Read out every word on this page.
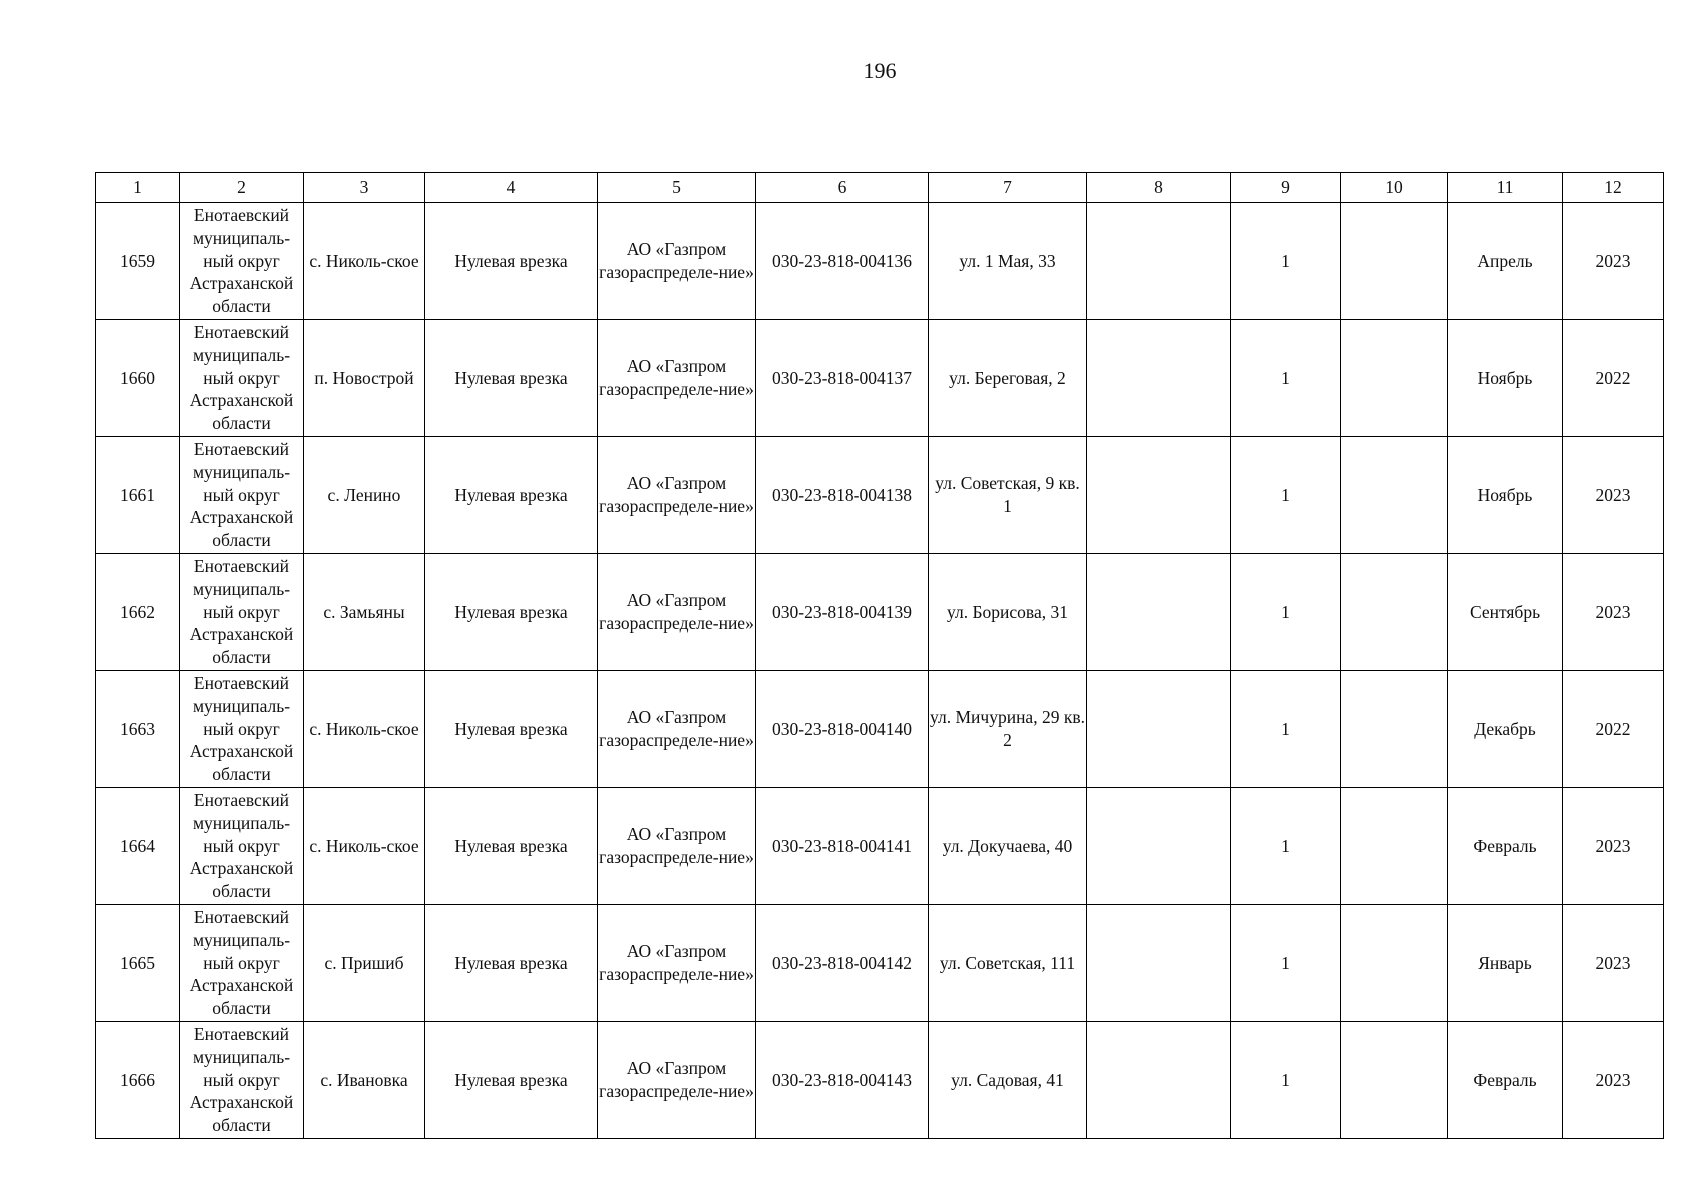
196
1	2	3	4	5	6	7	8	9	10	11	12
1659	Енотаевский муниципаль-ный округ Астраханской области	с. Николь-ское	Нулевая врезка	АО «Газпром газораспределе-ние»	030-23-818-004136	ул. 1 Мая, 33		1		Апрель	2023
1660	Енотаевский муниципаль-ный округ Астраханской области	п. Новострой	Нулевая врезка	АО «Газпром газораспределе-ние»	030-23-818-004137	ул. Береговая, 2		1		Ноябрь	2022
1661	Енотаевский муниципаль-ный округ Астраханской области	с. Ленино	Нулевая врезка	АО «Газпром газораспределе-ние»	030-23-818-004138	ул. Советская, 9 кв. 1		1		Ноябрь	2023
1662	Енотаевский муниципаль-ный округ Астраханской области	с. Замьяны	Нулевая врезка	АО «Газпром газораспределе-ние»	030-23-818-004139	ул. Борисова, 31		1		Сентябрь	2023
1663	Енотаевский муниципаль-ный округ Астраханской области	с. Николь-ское	Нулевая врезка	АО «Газпром газораспределе-ние»	030-23-818-004140	ул. Мичурина, 29 кв. 2		1		Декабрь	2022
1664	Енотаевский муниципаль-ный округ Астраханской области	с. Николь-ское	Нулевая врезка	АО «Газпром газораспределе-ние»	030-23-818-004141	ул. Докучаева, 40		1		Февраль	2023
1665	Енотаевский муниципаль-ный округ Астраханской области	с. Пришиб	Нулевая врезка	АО «Газпром газораспределе-ние»	030-23-818-004142	ул. Советская, 111		1		Январь	2023
1666	Енотаевский муниципаль-ный округ Астраханской области	с. Ивановка	Нулевая врезка	АО «Газпром газораспределе-ние»	030-23-818-004143	ул. Садовая, 41		1		Февраль	2023
